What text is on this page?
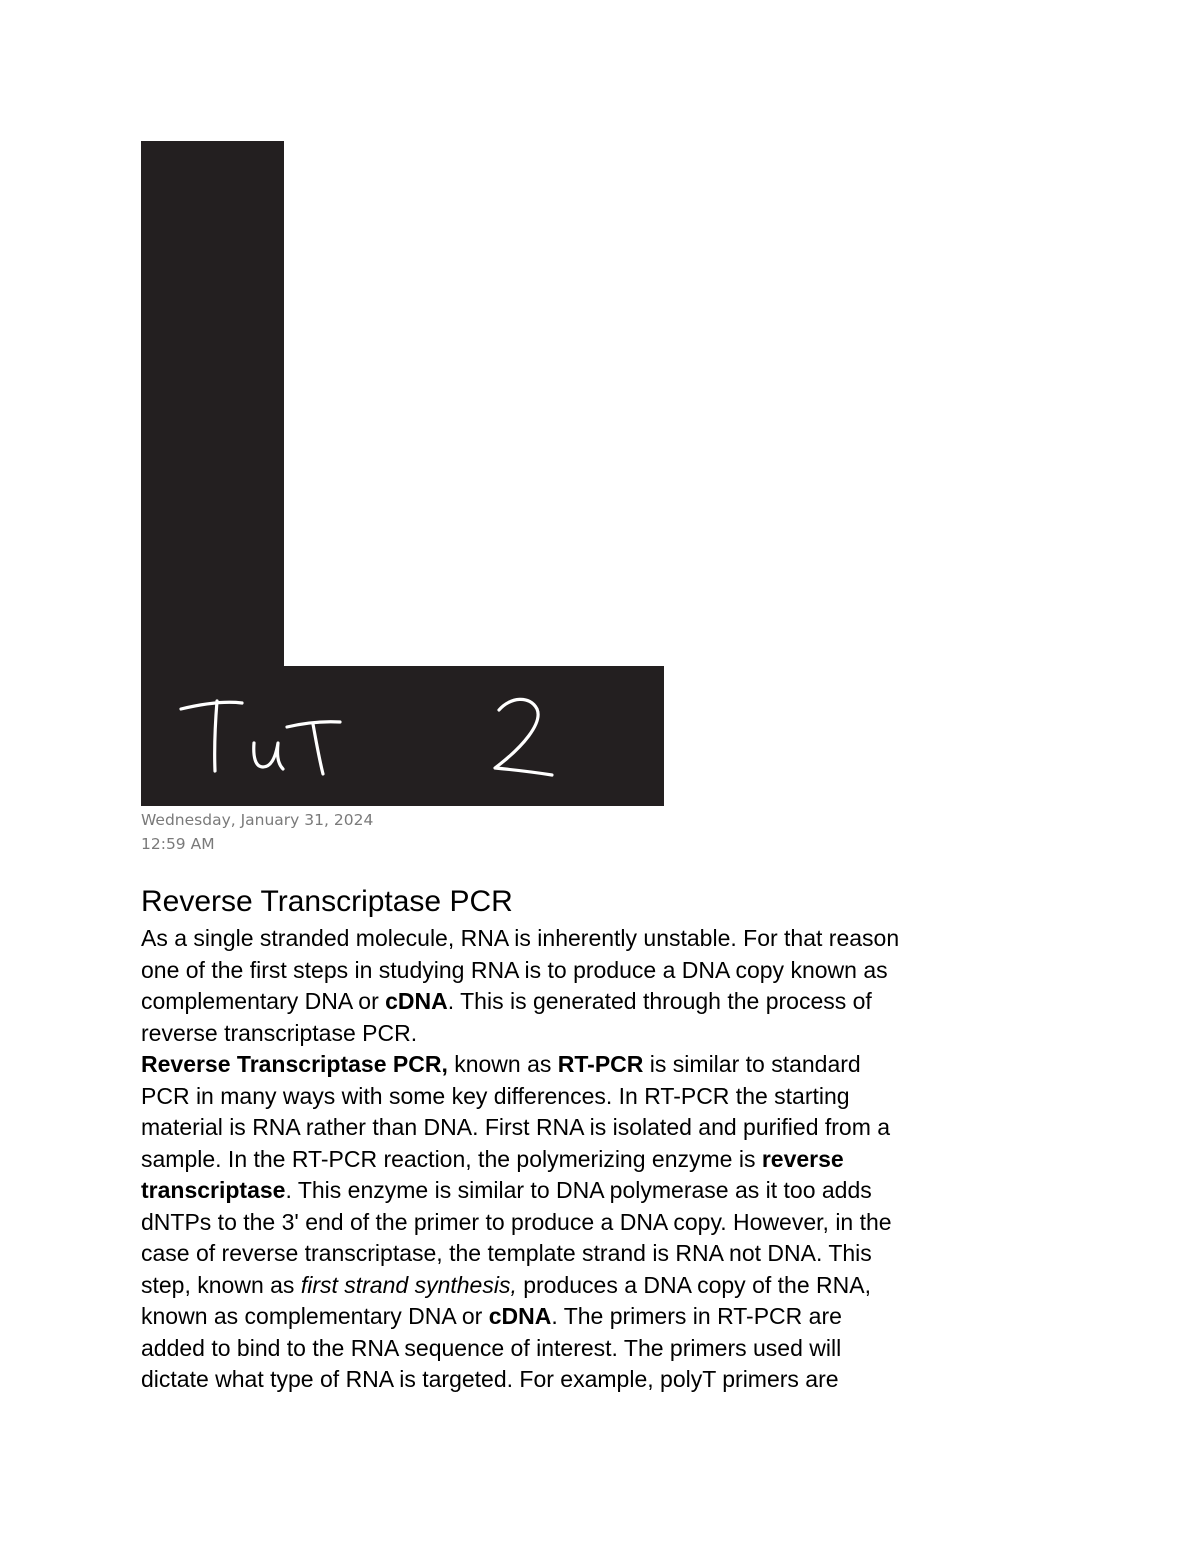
Wednesday, January 31, 2024
12:59 AM
Reverse Transcriptase PCR

As a single stranded molecule, RNA is inherently unstable. For that reason
one of the first steps in studying RNA is to produce a DNA copy known as
complementary DNA or cDNA. This is generated through the process of
reverse transcriptase PCR.

Reverse Transcriptase PCR, known as RT-PCR is similar to standard
PCR in many ways with some key differences. In RT-PCR the starting
material is RNA rather than DNA. First RNA is isolated and purified from a
sample. In the RT-PCR reaction, the polymerizing enzyme is reverse
transcriptase. This enzyme is similar to DNA polymerase as it too adds
dNTPs to the 3' end of the primer to produce a DNA copy. However, in the
case of reverse transcriptase, the template strand is RNA not DNA. This
step, known as first strand synthesis, produces a DNA copy of the RNA,
known as complementary DNA or cDNA. The primers in RT-PCR are
added to bind to the RNA sequence of interest. The primers used will
dictate what type of RNA is targeted. For example, polyT primers are
